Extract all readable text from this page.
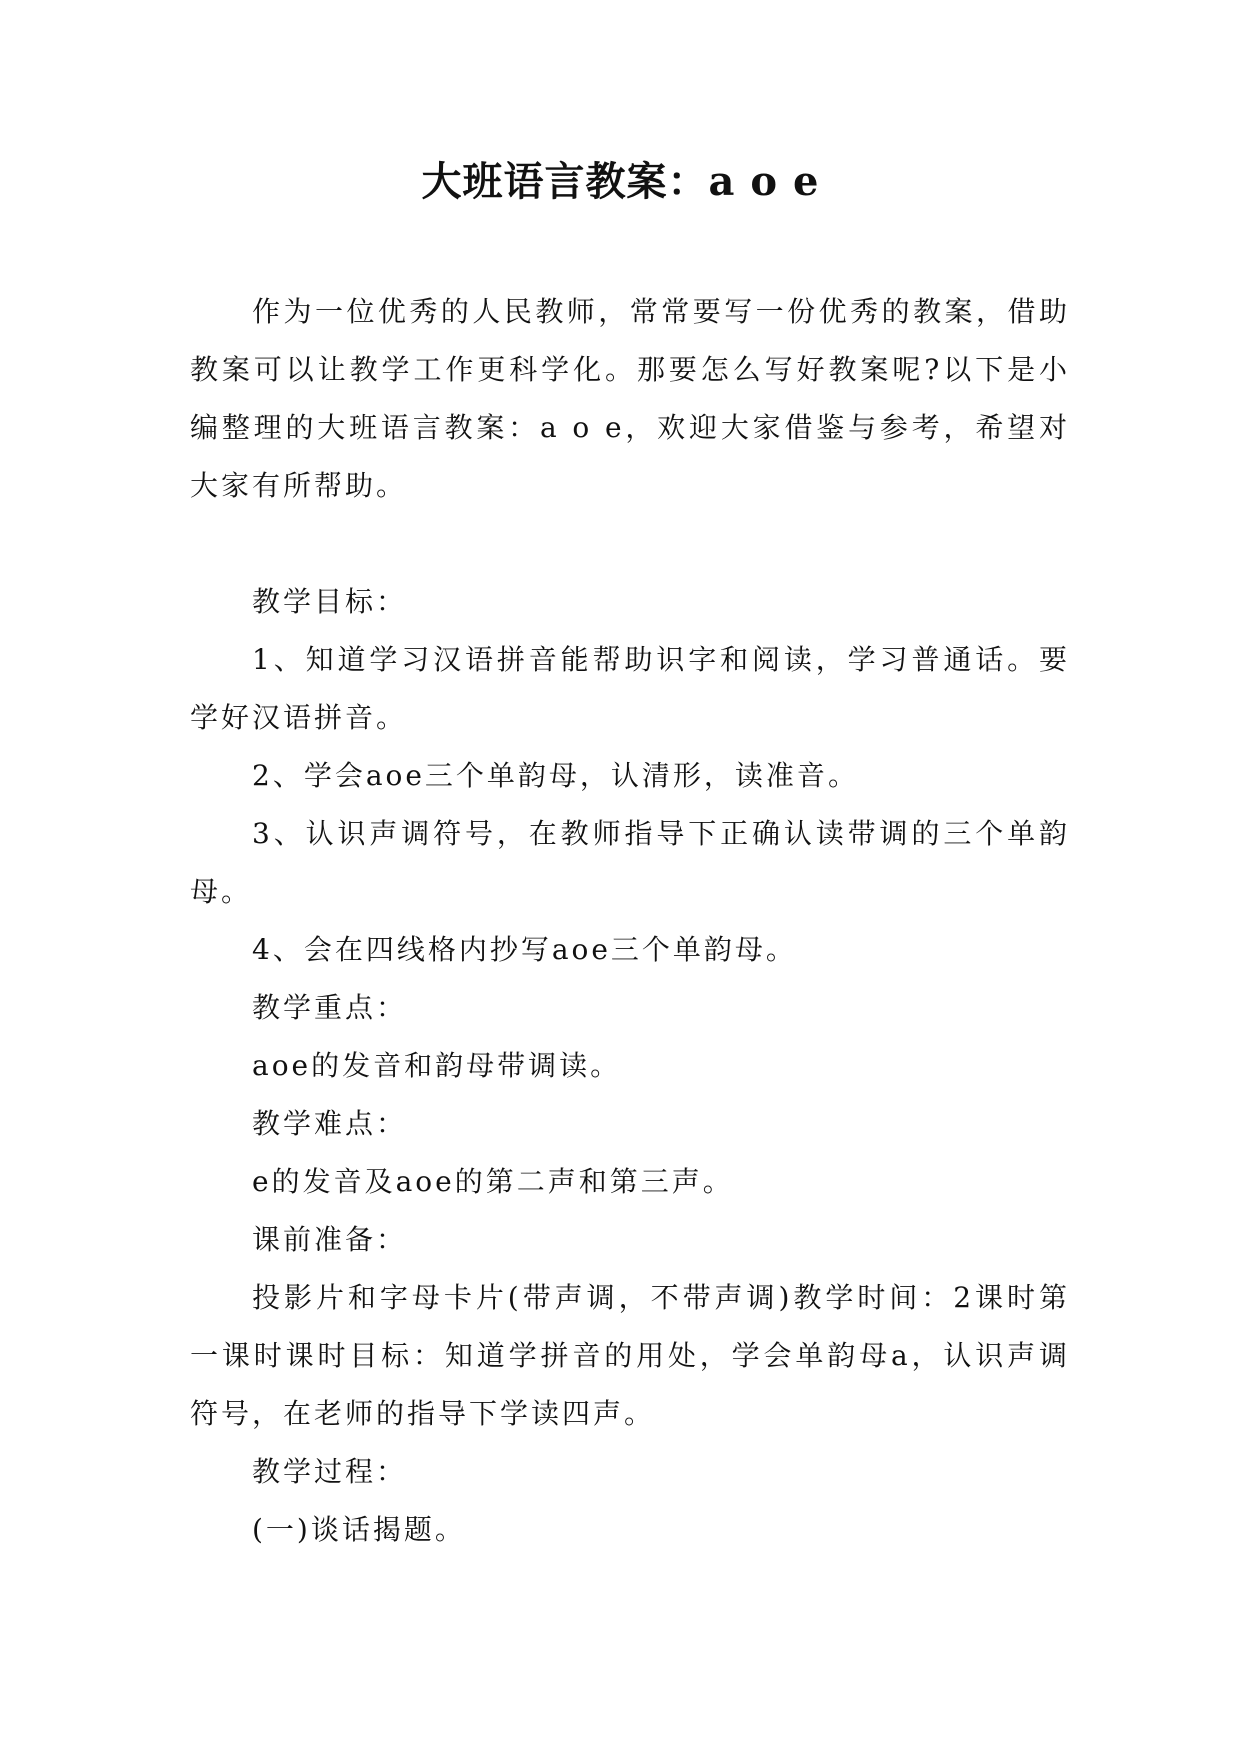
大班语言教案：a o e

作为一位优秀的人民教师，常常要写一份优秀的教案，借助教案可以让教学工作更科学化。那要怎么写好教案呢?以下是小编整理的大班语言教案：a o e，欢迎大家借鉴与参考，希望对大家有所帮助。

教学目标：

1、知道学习汉语拼音能帮助识字和阅读，学习普通话。要学好汉语拼音。

2、学会aoe三个单韵母，认清形，读准音。

3、认识声调符号，在教师指导下正确认读带调的三个单韵母。

4、会在四线格内抄写aoe三个单韵母。

教学重点：

aoe的发音和韵母带调读。

教学难点：

e的发音及aoe的第二声和第三声。

课前准备：

投影片和字母卡片(带声调，不带声调)教学时间：2课时第一课时课时目标：知道学拼音的用处，学会单韵母a，认识声调符号，在老师的指导下学读四声。

教学过程：

(一)谈话揭题。
